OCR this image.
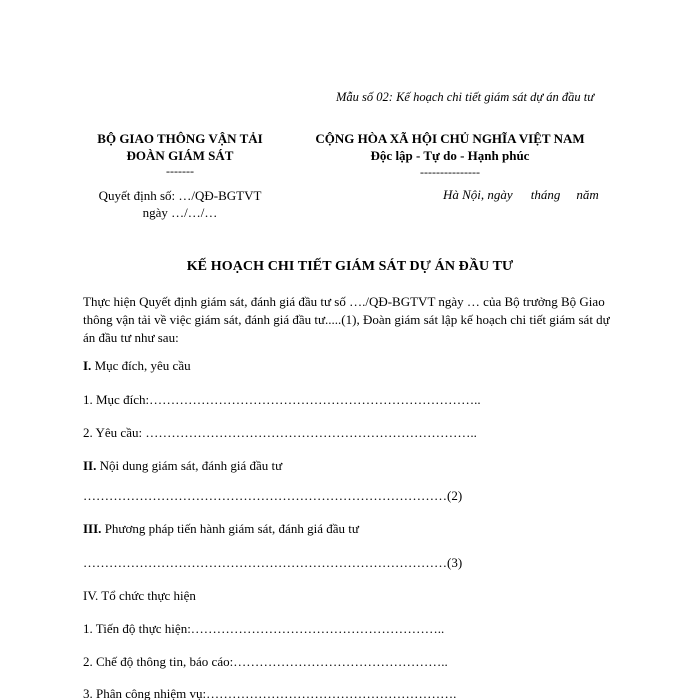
Mẫu số 02: Kế hoạch chi tiết giám sát dự án đầu tư
BỘ GIAO THÔNG VẬN TẢI
ĐOÀN GIÁM SÁT
-------
CỘNG HÒA XÃ HỘI CHỦ NGHĨA VIỆT NAM
Độc lập - Tự do - Hạnh phúc
---------------
Quyết định số: …/QĐ-BGTVT
ngày …/…/…
Hà Nội, ngày tháng năm
KẾ HOẠCH CHI TIẾT GIÁM SÁT DỰ ÁN ĐẦU TƯ
Thực hiện Quyết định giám sát, đánh giá đầu tư số …./QĐ-BGTVT ngày … của Bộ trưởng Bộ Giao thông vận tải về việc giám sát, đánh giá đầu tư.....(1), Đoàn giám sát lập kế hoạch chi tiết giám sát dự án đầu tư như sau:
I. Mục đích, yêu cầu
1. Mục đích:…………………………………………………………………..
2. Yêu cầu: …………………………………………………………………..
II. Nội dung giám sát, đánh giá đầu tư
…………………………………………………………………………(2)
III. Phương pháp tiến hành giám sát, đánh giá đầu tư
…………………………………………………………………………(3)
IV. Tổ chức thực hiện
1. Tiến độ thực hiện:…………………………………………………..
2. Chế độ thông tin, báo cáo:…………………………………………..
3. Phân công nhiệm vụ:………………………………………………….
